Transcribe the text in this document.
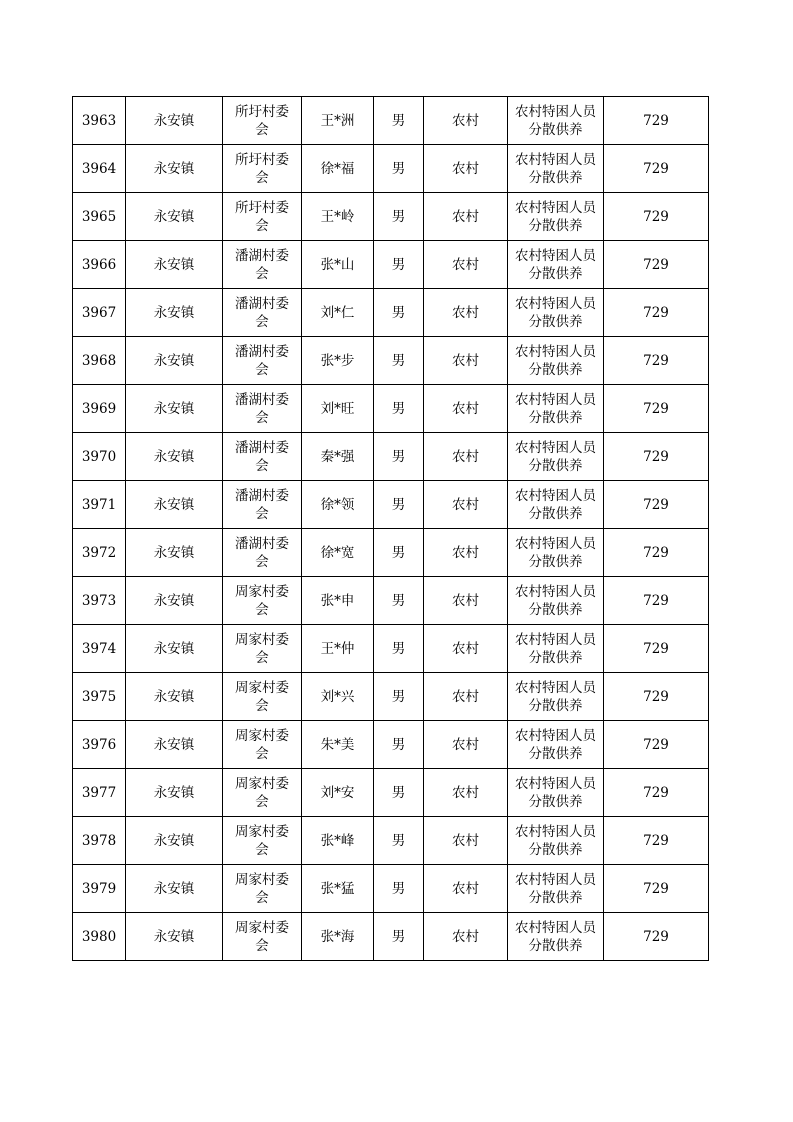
3963	永安镇	所圩村委会	王*洲	男	农村	农村特困人员分散供养	729
3964	永安镇	所圩村委会	徐*福	男	农村	农村特困人员分散供养	729
3965	永安镇	所圩村委会	王*岭	男	农村	农村特困人员分散供养	729
3966	永安镇	潘湖村委会	张*山	男	农村	农村特困人员分散供养	729
3967	永安镇	潘湖村委会	刘*仁	男	农村	农村特困人员分散供养	729
3968	永安镇	潘湖村委会	张*步	男	农村	农村特困人员分散供养	729
3969	永安镇	潘湖村委会	刘*旺	男	农村	农村特困人员分散供养	729
3970	永安镇	潘湖村委会	秦*强	男	农村	农村特困人员分散供养	729
3971	永安镇	潘湖村委会	徐*领	男	农村	农村特困人员分散供养	729
3972	永安镇	潘湖村委会	徐*宽	男	农村	农村特困人员分散供养	729
3973	永安镇	周家村委会	张*申	男	农村	农村特困人员分散供养	729
3974	永安镇	周家村委会	王*仲	男	农村	农村特困人员分散供养	729
3975	永安镇	周家村委会	刘*兴	男	农村	农村特困人员分散供养	729
3976	永安镇	周家村委会	朱*美	男	农村	农村特困人员分散供养	729
3977	永安镇	周家村委会	刘*安	男	农村	农村特困人员分散供养	729
3978	永安镇	周家村委会	张*峰	男	农村	农村特困人员分散供养	729
3979	永安镇	周家村委会	张*猛	男	农村	农村特困人员分散供养	729
3980	永安镇	周家村委会	张*海	男	农村	农村特困人员分散供养	729
